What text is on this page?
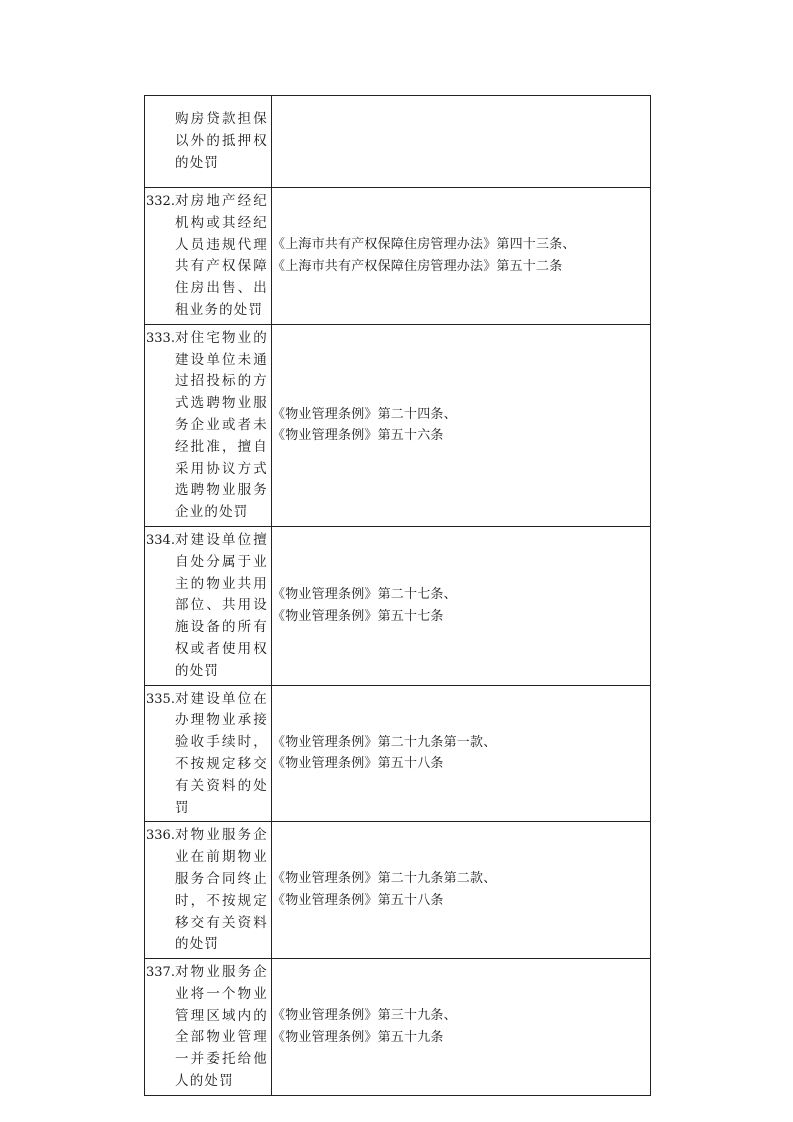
购房贷款担保以外的抵押权的处罚	

332. 对房地产经纪机构或其经纪人员违规代理共有产权保障住房出售、出租业务的处罚	《上海市共有产权保障住房管理办法》第四十三条、
《上海市共有产权保障住房管理办法》第五十二条

333. 对住宅物业的建设单位未通过招投标的方式选聘物业服务企业或者未经批准，擅自采用协议方式选聘物业服务企业的处罚	《物业管理条例》第二十四条、
《物业管理条例》第五十六条

334. 对建设单位擅自处分属于业主的物业共用部位、共用设施设备的所有权或者使用权的处罚	《物业管理条例》第二十七条、
《物业管理条例》第五十七条

335. 对建设单位在办理物业承接验收手续时，不按规定移交有关资料的处罚	《物业管理条例》第二十九条第一款、
《物业管理条例》第五十八条

336. 对物业服务企业在前期物业服务合同终止时，不按规定移交有关资料的处罚	《物业管理条例》第二十九条第二款、
《物业管理条例》第五十八条

337. 对物业服务企业将一个物业管理区域内的全部物业管理一并委托给他人的处罚	《物业管理条例》第三十九条、
《物业管理条例》第五十九条
